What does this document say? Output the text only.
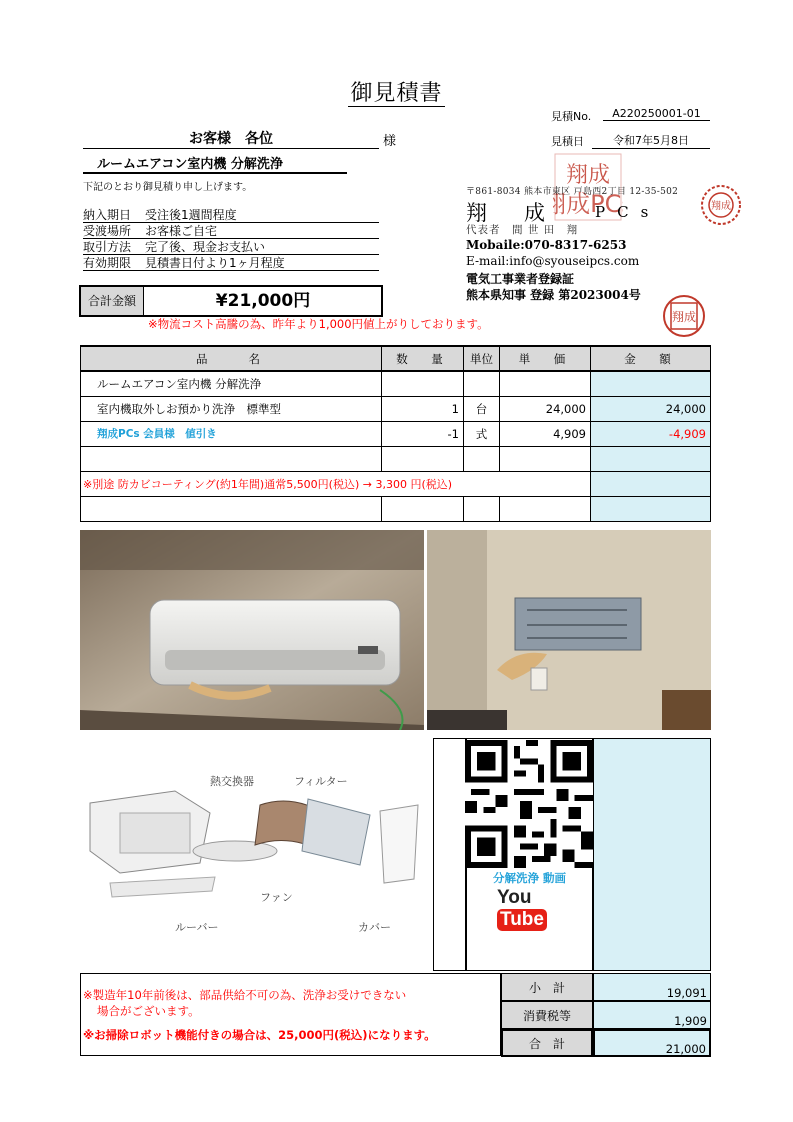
御見積書
見積No.	A220250001-01
見積日	令和7年5月8日
お客様　各位	様
ルームエアコン室内機 分解洗浄
下記のとおり御見積り申し上げます。
納入期日 受注後1週間程度
受渡場所 お客様ご自宅
取引方法 完了後、現金お支払い
有効期限 見積書日付より1ヶ月程度
合計金額	¥21,000円
※物流コスト高騰の為、昨年より1,000円値上がりしております。
翔成
翔成PC
〒861-8034 熊本市東区 戸島西2丁目 12-35-502
翔　成	PCs
代表者　間 世 田　翔
Mobaile:070-8317-6253
E-mail:info@syouseipcs.com
電気工事業者登録証
熊本県知事 登録 第2023004号
翔成
翔成
品　　名	数　量	単位	単　価	金　額
ルームエアコン室内機 分解洗浄				
室内機取外しお預かり洗浄　標準型	1	台	24,000	24,000
翔成PCs 会員様　値引き	-1	式	4,909	-4,909

※別途 防カビコーティング(約1年間)通常5,500円(税込) → 3,300 円(税込)				

熱交換器	フィルター
ファン
ルーバー	カバー
分解洗浄 動画
YouTube
※製造年10年前後は、部品供給不可の為、洗浄お受けできない
場合がございます。
※お掃除ロボット機能付きの場合は、25,000円(税込)になります。
小　計	19,091
消費税等	1,909
合　計	21,000
